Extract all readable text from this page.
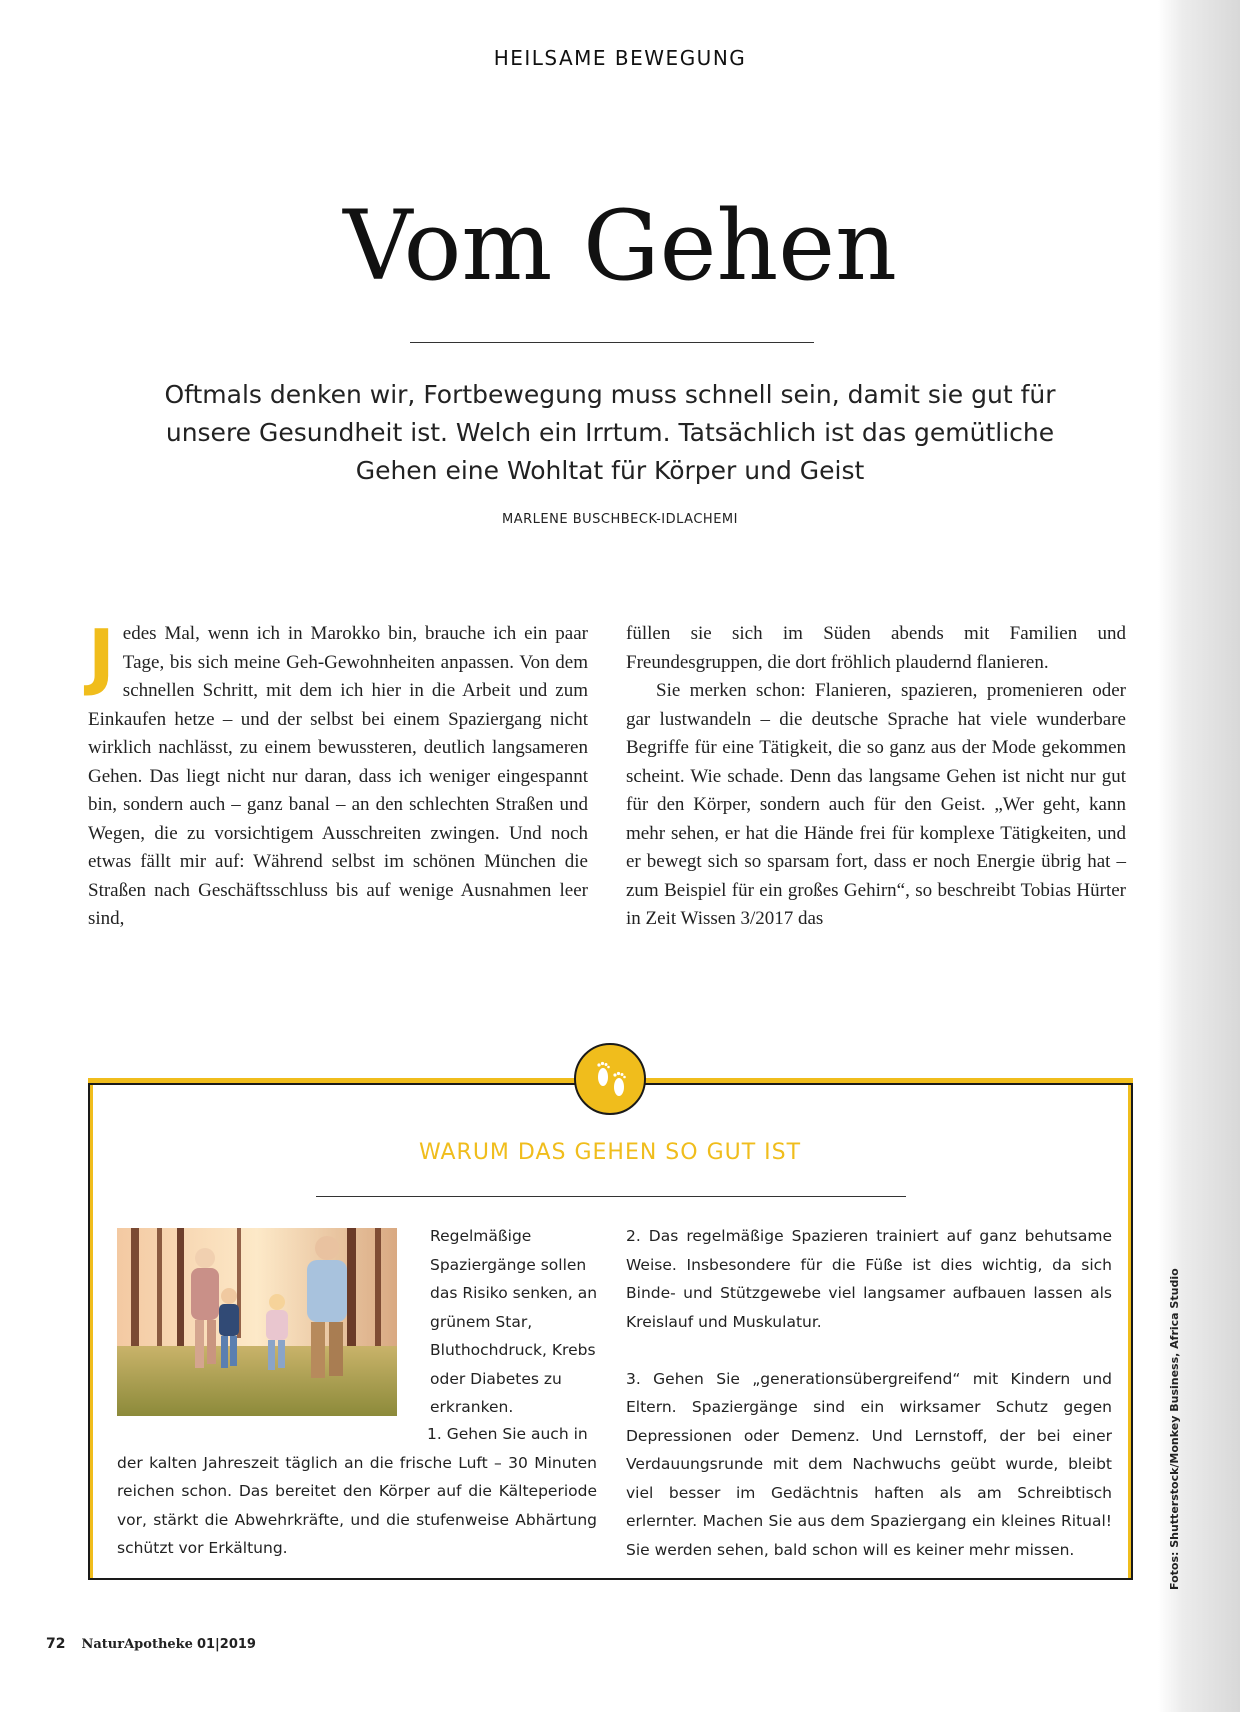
HEILSAME BEWEGUNG
Vom Gehen
Oftmals denken wir, Fortbewegung muss schnell sein, damit sie gut für unsere Gesundheit ist. Welch ein Irrtum. Tatsächlich ist das gemütliche Gehen eine Wohltat für Körper und Geist
MARLENE BUSCHBECK-IDLACHEMI

Jedes Mal, wenn ich in Marokko bin, brauche ich ein paar Tage, bis sich meine Geh-Gewohnheiten anpassen. Von dem schnellen Schritt, mit dem ich hier in die Arbeit und zum Einkaufen hetze – und der selbst bei einem Spaziergang nicht wirklich nachlässt, zu einem bewussteren, deutlich langsameren Gehen. Das liegt nicht nur daran, dass ich weniger eingespannt bin, sondern auch – ganz banal – an den schlechten Straßen und Wegen, die zu vorsichtigem Ausschreiten zwingen. Und noch etwas fällt mir auf: Während selbst im schönen München die Straßen nach Geschäftsschluss bis auf wenige Ausnahmen leer sind,

füllen sie sich im Süden abends mit Familien und Freundesgruppen, die dort fröhlich plaudernd flanieren.

Sie merken schon: Flanieren, spazieren, promenieren oder gar lustwandeln – die deutsche Sprache hat viele wunderbare Begriffe für eine Tätigkeit, die so ganz aus der Mode gekommen scheint. Wie schade. Denn das langsame Gehen ist nicht nur gut für den Körper, sondern auch für den Geist. „Wer geht, kann mehr sehen, er hat die Hände frei für komplexe Tätigkeiten, und er bewegt sich so sparsam fort, dass er noch Energie übrig hat – zum Beispiel für ein großes Gehirn“, so beschreibt Tobias Hürter in Zeit Wissen 3/2017 das

WARUM DAS GEHEN SO GUT IST
Regelmäßige Spaziergänge sollen das Risiko senken, an grünem Star, Bluthochdruck, Krebs oder Diabetes zu erkranken.
1. Gehen Sie auch in
der kalten Jahreszeit täglich an die frische Luft – 30 Minuten reichen schon. Das bereitet den Körper auf die Kälteperiode vor, stärkt die Abwehrkräfte, und die stufenweise Abhärtung schützt vor Erkältung.

2. Das regelmäßige Spazieren trainiert auf ganz behutsame Weise. Insbesondere für die Füße ist dies wichtig, da sich Binde- und Stützgewebe viel langsamer aufbauen lassen als Kreislauf und Muskulatur.

3. Gehen Sie „generationsübergreifend“ mit Kindern und Eltern. Spaziergänge sind ein wirksamer Schutz gegen Depressionen oder Demenz. Und Lernstoff, der bei einer Verdauungsrunde mit dem Nachwuchs geübt wurde, bleibt viel besser im Gedächtnis haften als am Schreibtisch erlernter. Machen Sie aus dem Spaziergang ein kleines Ritual! Sie werden sehen, bald schon will es keiner mehr missen.	Fotos: Shutterstock/Monkey Business, Africa Studio
72 NaturApotheke 01|2019
